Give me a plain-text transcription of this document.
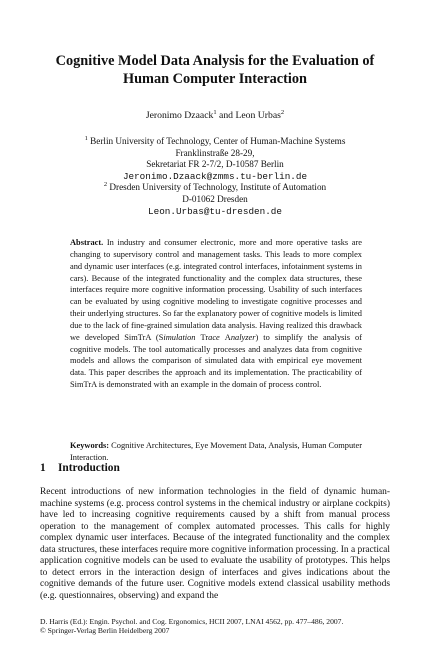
Cognitive Model Data Analysis for the Evaluation of
Human Computer Interaction
Jeronimo Dzaack$^1$ and Leon Urbas$^2$
$^1$ Berlin University of Technology, Center of Human-Machine Systems
Franklinstraße 28-29,
Sekretariat FR 2-7/2, D-10587 Berlin
Jeronimo.Dzaack@zmms.tu-berlin.de
$^2$ Dresden University of Technology, Institute of Automation
D-01062 Dresden
Leon.Urbas@tu-dresden.de
Abstract. In industry and consumer electronic, more and more operative tasks are changing to supervisory control and management tasks. This leads to more complex and dynamic user interfaces (e.g. integrated control interfaces, infotainment systems in cars). Because of the integrated functionality and the complex data structures, these interfaces require more cognitive information processing. Usability of such interfaces can be evaluated by using cognitive modeling to investigate cognitive processes and their underlying structures. So far the explanatory power of cognitive models is limited due to the lack of fine-grained simulation data analysis. Having realized this drawback we developed SimTrA (Simulation Trace Analyzer) to simplify the analysis of cognitive models. The tool automatically processes and analyzes data from cognitive models and allows the comparison of simulated data with empirical eye movement data. This paper describes the approach and its implementation. The practicability of SimTrA is demonstrated with an example in the domain of process control.
Keywords: Cognitive Architectures, Eye Movement Data, Analysis, Human Computer Interaction.
1 Introduction
Recent introductions of new information technologies in the field of dynamic human-machine systems (e.g. process control systems in the chemical industry or airplane cockpits) have led to increasing cognitive requirements caused by a shift from manual process operation to the management of complex automated processes. This calls for highly complex dynamic user interfaces. Because of the integrated functionality and the complex data structures, these interfaces require more cognitive information processing. In a practical application cognitive models can be used to evaluate the usability of prototypes. This helps to detect errors in the interaction design of interfaces and gives indications about the cognitive demands of the future user. Cognitive models extend classical usability methods (e.g. questionnaires, observing) and expand the
D. Harris (Ed.): Engin. Psychol. and Cog. Ergonomics, HCII 2007, LNAI 4562, pp. 477–486, 2007.
© Springer-Verlag Berlin Heidelberg 2007
